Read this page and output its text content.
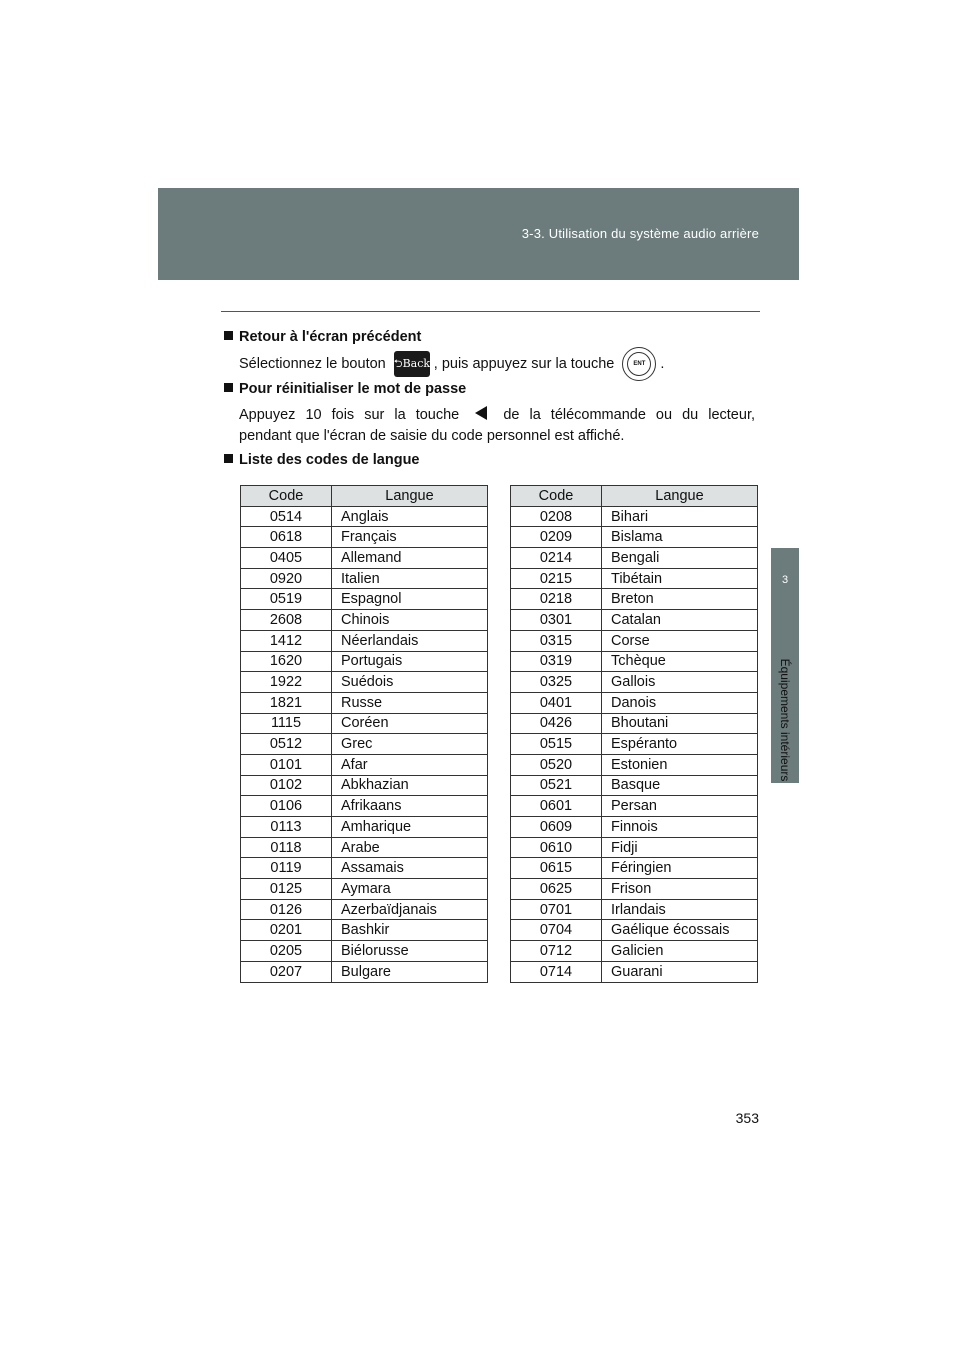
3-3. Utilisation du système audio arrière
3
Équipements intérieurs
Retour à l'écran précédent
Sélectionnez le bouton ⮌Back , puis appuyez sur la touche	ENT	.
Pour réinitialiser le mot de passe
Appuyez 10 fois sur la touche	de la télécommande ou du lecteur,
pendant que l'écran de saisie du code personnel est affiché.
Liste des codes de langue
Code	Langue
0514	Anglais
0618	Français
0405	Allemand
0920	Italien
0519	Espagnol
2608	Chinois
1412	Néerlandais
1620	Portugais
1922	Suédois
1821	Russe
1115	Coréen
0512	Grec
0101	Afar
0102	Abkhazian
0106	Afrikaans
0113	Amharique
0118	Arabe
0119	Assamais
0125	Aymara
0126	Azerbaïdjanais
0201	Bashkir
0205	Biélorusse
0207	Bulgare
Code	Langue
0208	Bihari
0209	Bislama
0214	Bengali
0215	Tibétain
0218	Breton
0301	Catalan
0315	Corse
0319	Tchèque
0325	Gallois
0401	Danois
0426	Bhoutani
0515	Espéranto
0520	Estonien
0521	Basque
0601	Persan
0609	Finnois
0610	Fidji
0615	Féringien
0625	Frison
0701	Irlandais
0704	Gaélique écossais
0712	Galicien
0714	Guarani
353
